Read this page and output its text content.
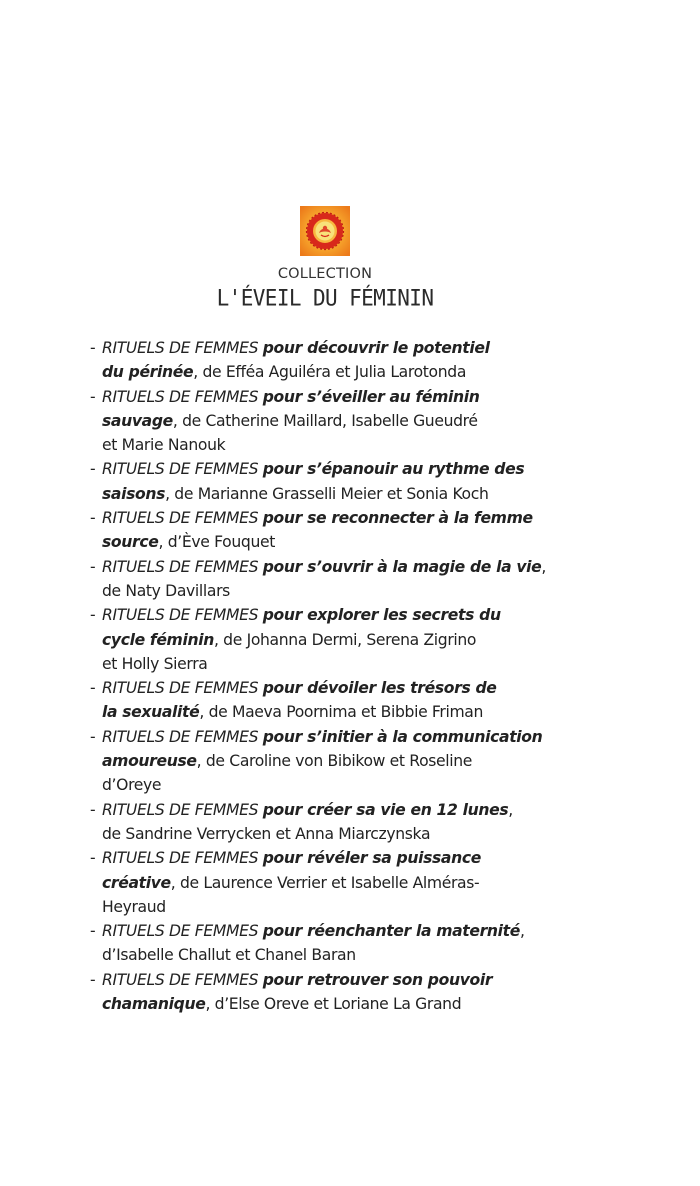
COLLECTION
L'ÉVEIL DU FÉMININ
- RITUELS DE FEMMES pour découvrir le potentiel
du périnée, de Efféa Aguiléra et Julia Larotonda
- RITUELS DE FEMMES pour s’éveiller au féminin
sauvage, de Catherine Maillard, Isabelle Gueudré
et Marie Nanouk
- RITUELS DE FEMMES pour s’épanouir au rythme des
saisons, de Marianne Grasselli Meier et Sonia Koch
- RITUELS DE FEMMES pour se reconnecter à la femme
source, d’Ève Fouquet
- RITUELS DE FEMMES pour s’ouvrir à la magie de la vie,
de Naty Davillars
- RITUELS DE FEMMES pour explorer les secrets du
cycle féminin, de Johanna Dermi, Serena Zigrino
et Holly Sierra
- RITUELS DE FEMMES pour dévoiler les trésors de
la sexualité, de Maeva Poornima et Bibbie Friman
- RITUELS DE FEMMES pour s’initier à la communication
amoureuse, de Caroline von Bibikow et Roseline
d’Oreye
- RITUELS DE FEMMES pour créer sa vie en 12 lunes,
de Sandrine Verrycken et Anna Miarczynska
- RITUELS DE FEMMES pour révéler sa puissance
créative, de Laurence Verrier et Isabelle Alméras-
Heyraud
- RITUELS DE FEMMES pour réenchanter la maternité,
d’Isabelle Challut et Chanel Baran
- RITUELS DE FEMMES pour retrouver son pouvoir
chamanique, d’Else Oreve et Loriane La Grand
